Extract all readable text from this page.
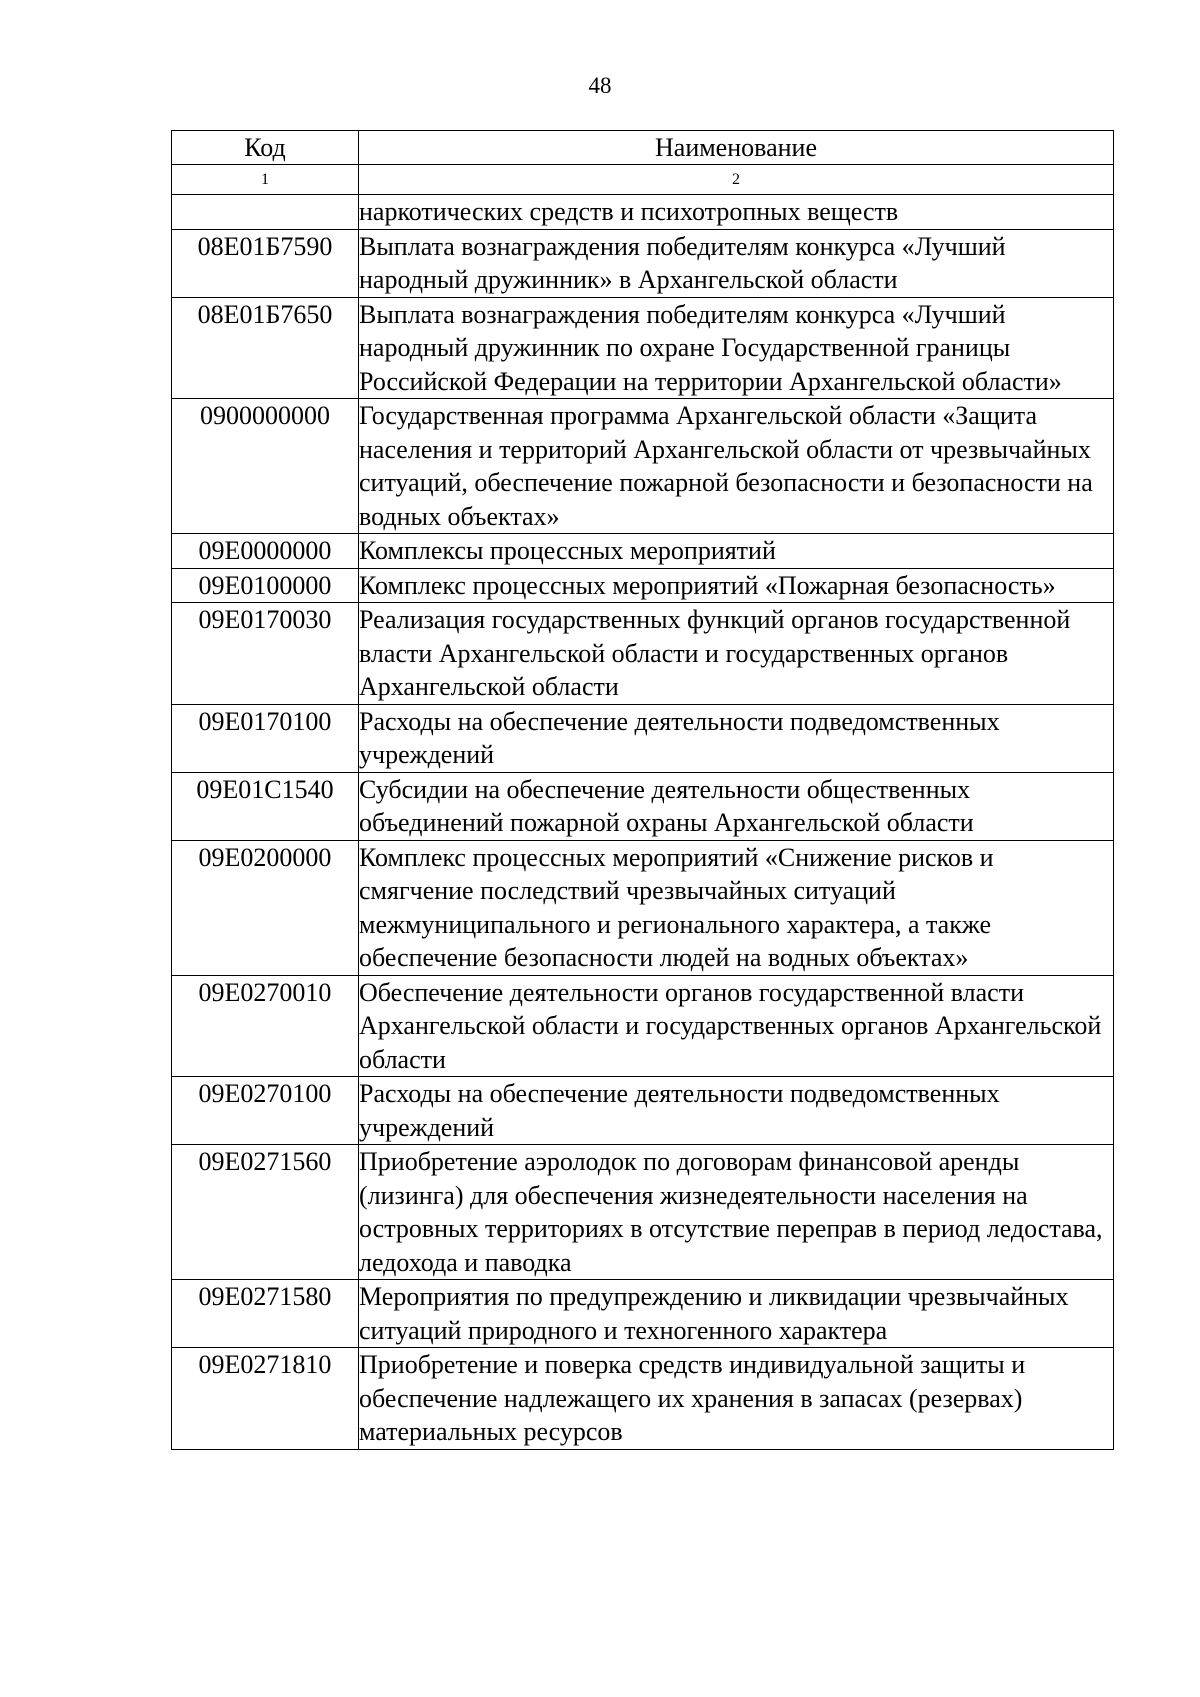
48
Код	Наименование
1	2
	наркотических средств и психотропных веществ
08Е01Б7590	Выплата вознаграждения победителям конкурса «Лучший народный дружинник» в Архангельской области
08Е01Б7650	Выплата вознаграждения победителям конкурса «Лучший народный дружинник по охране Государственной границы Российской Федерации на территории Архангельской области»
0900000000	Государственная программа Архангельской области «Защита населения и территорий Архангельской области от чрезвычайных ситуаций, обеспечение пожарной безопасности и безопасности на водных объектах»
09Е0000000	Комплексы процессных мероприятий
09Е0100000	Комплекс процессных мероприятий «Пожарная безопасность»
09Е0170030	Реализация государственных функций органов государственной власти Архангельской области и государственных органов Архангельской области
09Е0170100	Расходы на обеспечение деятельности подведомственных учреждений
09Е01С1540	Субсидии на обеспечение деятельности общественных объединений пожарной охраны Архангельской области
09Е0200000	Комплекс процессных мероприятий «Снижение рисков и смягчение последствий чрезвычайных ситуаций межмуниципального и регионального характера, а также обеспечение безопасности людей на водных объектах»
09Е0270010	Обеспечение деятельности органов государственной власти Архангельской области и государственных органов Архангельской области
09Е0270100	Расходы на обеспечение деятельности подведомственных учреждений
09Е0271560	Приобретение аэролодок по договорам финансовой аренды (лизинга) для обеспечения жизнедеятельности населения на островных территориях в отсутствие переправ в период ледостава, ледохода и паводка
09Е0271580	Мероприятия по предупреждению и ликвидации чрезвычайных ситуаций природного и техногенного характера
09Е0271810	Приобретение и поверка средств индивидуальной защиты и обеспечение надлежащего их хранения в запасах (резервах) материальных ресурсов
